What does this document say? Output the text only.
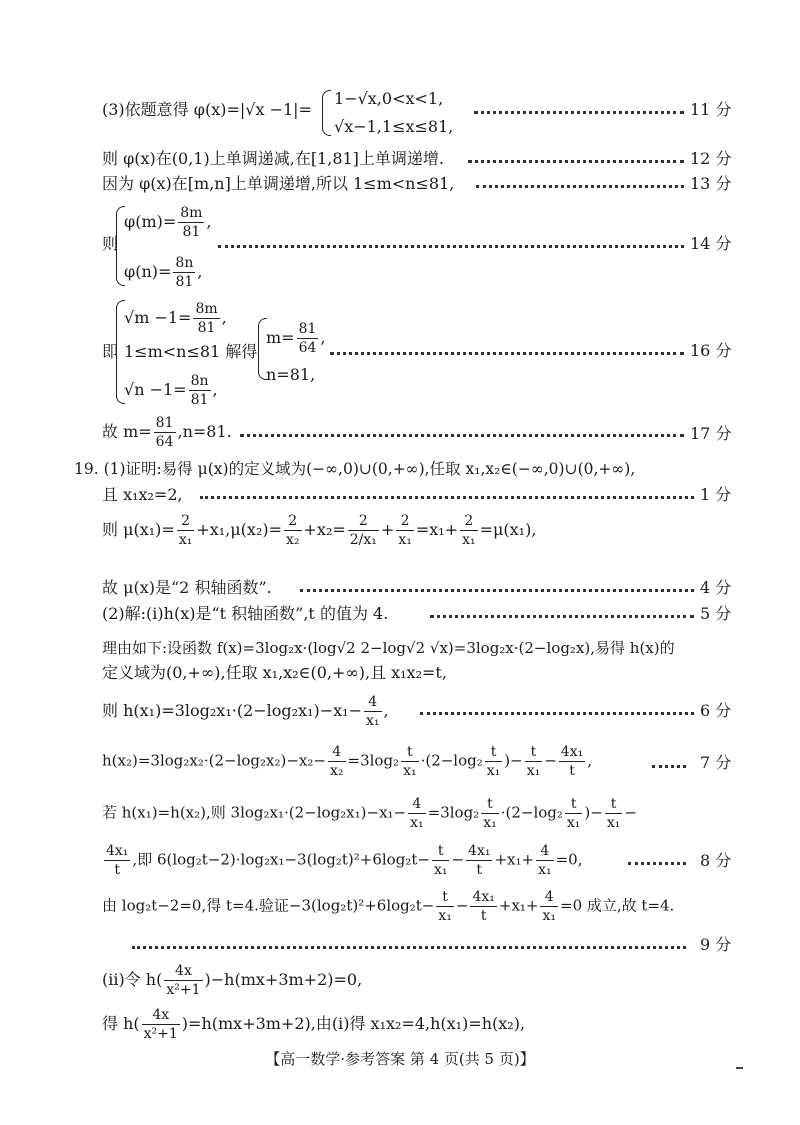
(3)依题意得 φ(x)=|√x −1|=
1−√x,0<x<1,
√x−1,1≤x≤81,
11 分
则 φ(x)在(0,1)上单调递减,在[1,81]上单调递增.	12 分
因为 φ(x)在[m,n]上单调递增,所以 1≤m<n≤81,	13 分
则
$\varphi(m)= \frac{8m}{81}$ ,
$\varphi(n)= \frac{8n}{81}$ ,
14 分
即
$√m -1= \frac{8m}{81}$ ,
1≤m<n≤81 解得
$√n -1= \frac{8n}{81}$ ,
$m= \frac{81}{64}$ ,
n=81,
16 分
故 $m= \frac{81}{64} ,n=81$.	17 分
19. (1)证明:易得 μ(x)的定义域为(−∞,0)∪(0,+∞),任取 x₁,x₂∈(−∞,0)∪(0,+∞),
且 x₁x₂=2,	1 分
则 $\mu(x_1)= \frac{2}{\text{x₁}} +x_1,\mu(x_2)= \frac{2}{\text{x₂}} +x_2= \frac{2}{\text{2/x₁}} + \frac{2}{\text{x₁}} =x_1+ \frac{2}{\text{x₁}} =\mu(x_1)$,
故 μ(x)是“2 积轴函数”.	4 分
(2)解:(ⅰ)h(x)是“t 积轴函数”,t 的值为 4.	5 分
理由如下:设函数 f(x)=3log₂x·(log√2 2−log√2 √x)=3log₂x·(2−log₂x),易得 h(x)的
定义域为(0,+∞),任取 x₁,x₂∈(0,+∞),且 x₁x₂=t,
则 $h(x_1)=3\log_2x_1\cdot(2-\log_2x_1)-x_1- \frac{4}{\text{x₁}}$ ,	6 分
$h(x_2)=3\log_2x_2\cdot(2-\log_2x_2)-x_2- \frac{4}{\text{x₂}} =3\log_2 \frac{t}{\text{x₁}} \cdot(2-\log_2 \frac{t}{\text{x₁}}$ )− $\frac{t}{\text{x₁}} - \frac{\text{4x₁}}{t}$ ,	7 分
若 h(x₁)=h(x₂),则 $3\log_2x_1\cdot(2-\log_2x_1)-x_1- \frac{4}{\text{x₁}} =3\log_2 \frac{t}{\text{x₁}} \cdot(2-\log_2 \frac{t}{\text{x₁}}$ )− $\frac{t}{\text{x₁}}$ −
$\frac{\text{4x₁}}{t}$ ,即 $6(\log_2t-2)\cdot\log_2x_1-3(\log_2t)^2+6\log_2t- \frac{t}{\text{x₁}} - \frac{\text{4x₁}}{t} +x_1+ \frac{4}{\text{x₁}} =0$,	8 分
由 log₂t−2=0,得 t=4.验证$-3(\log_2t)^2+6\log_2t- \frac{t}{\text{x₁}} - \frac{\text{4x₁}}{t} +x_1+ \frac{4}{\text{x₁}} =0$ 成立,故 t=4.
9 分
(ⅱ)令 $h( \frac{4x}{\text{x²+1}} )-h(mx+3m+2)=0$,
得 $h( \frac{4x}{\text{x²+1}} )=h(mx+3m+2)$,由(ⅰ)得 x₁x₂=4,h(x₁)=h(x₂),
【高一数学·参考答案 第 4 页(共 5 页)】
